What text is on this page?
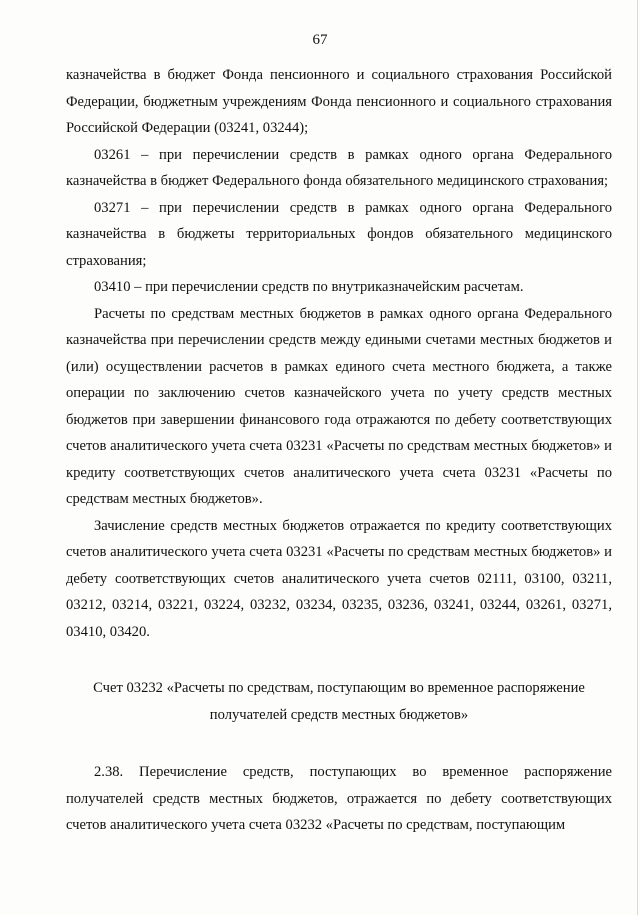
67

казначейства в бюджет Фонда пенсионного и социального страхования Российской Федерации, бюджетным учреждениям Фонда пенсионного и социального страхования Российской Федерации (03241, 03244);

03261 – при перечислении средств в рамках одного органа Федерального казначейства в бюджет Федерального фонда обязательного медицинского страхования;

03271 – при перечислении средств в рамках одного органа Федерального казначейства в бюджеты территориальных фондов обязательного медицинского страхования;

03410 – при перечислении средств по внутриказначейским расчетам.

Расчеты по средствам местных бюджетов в рамках одного органа Федерального казначейства при перечислении средств между едиными счетами местных бюджетов и (или) осуществлении расчетов в рамках единого счета местного бюджета, а также операции по заключению счетов казначейского учета по учету средств местных бюджетов при завершении финансового года отражаются по дебету соответствующих счетов аналитического учета счета 03231 «Расчеты по средствам местных бюджетов» и кредиту соответствующих счетов аналитического учета счета 03231 «Расчеты по средствам местных бюджетов».

Зачисление средств местных бюджетов отражается по кредиту соответствующих счетов аналитического учета счета 03231 «Расчеты по средствам местных бюджетов» и дебету соответствующих счетов аналитического учета счетов 02111, 03100, 03211, 03212, 03214, 03221, 03224, 03232, 03234, 03235, 03236, 03241, 03244, 03261, 03271, 03410, 03420.

Счет 03232 «Расчеты по средствам, поступающим во временное распоряжение получателей средств местных бюджетов»

2.38. Перечисление средств, поступающих во временное распоряжение получателей средств местных бюджетов, отражается по дебету соответствующих счетов аналитического учета счета 03232 «Расчеты по средствам, поступающим
